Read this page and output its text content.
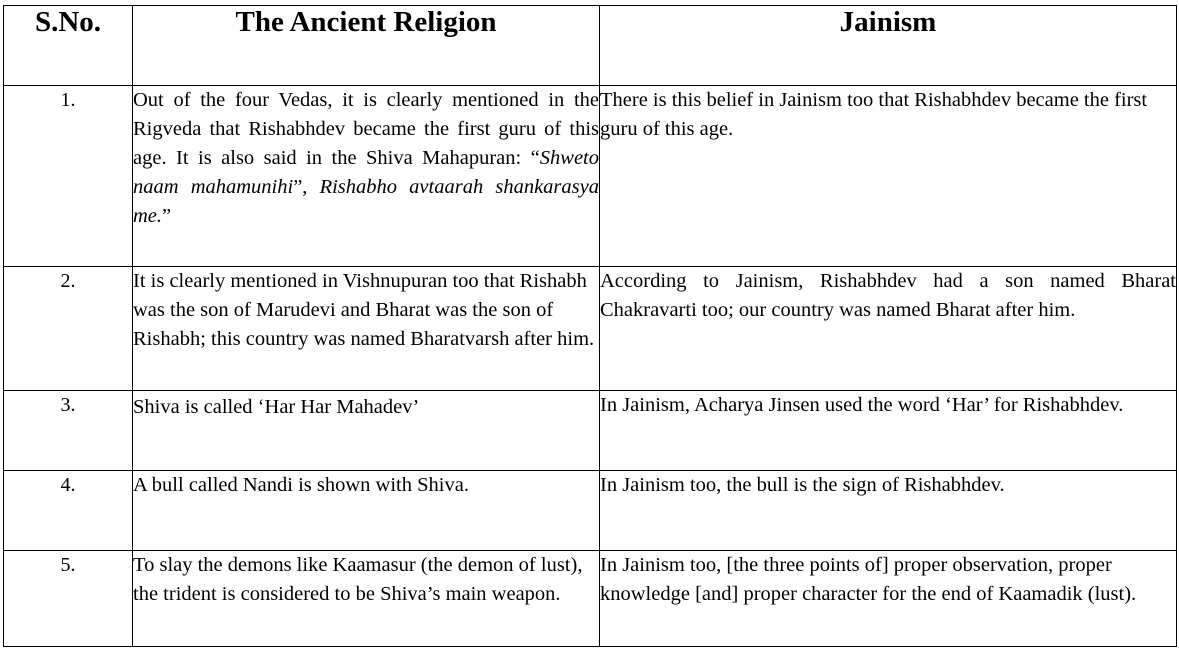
S.No.	The Ancient Religion	Jainism
1.	Out of the four Vedas, it is clearly mentioned in the Rigveda that Rishabhdev became the first guru of this age. It is also said in the Shiva Mahapuran: “Shweto naam mahamunihi”, Rishabho avtaarah shankarasya me.”	There is this belief in Jainism too that Rishabhdev became the first guru of this age.
2.	It is clearly mentioned in Vishnupuran too that Rishabh was the son of Marudevi and Bharat was the son of Rishabh; this country was named Bharatvarsh after him.	According to Jainism, Rishabhdev had a son named Bharat Chakravarti too; our country was named Bharat after him.
3.	Shiva is called ‘Har Har Mahadev’	In Jainism, Acharya Jinsen used the word ‘Har’ for Rishabhdev.
4.	A bull called Nandi is shown with Shiva.	In Jainism too, the bull is the sign of Rishabhdev.
5.	To slay the demons like Kaamasur (the demon of lust), the trident is considered to be Shiva’s main weapon.	In Jainism too, [the three points of] proper observation, proper knowledge [and] proper character for the end of Kaamadik (lust).
